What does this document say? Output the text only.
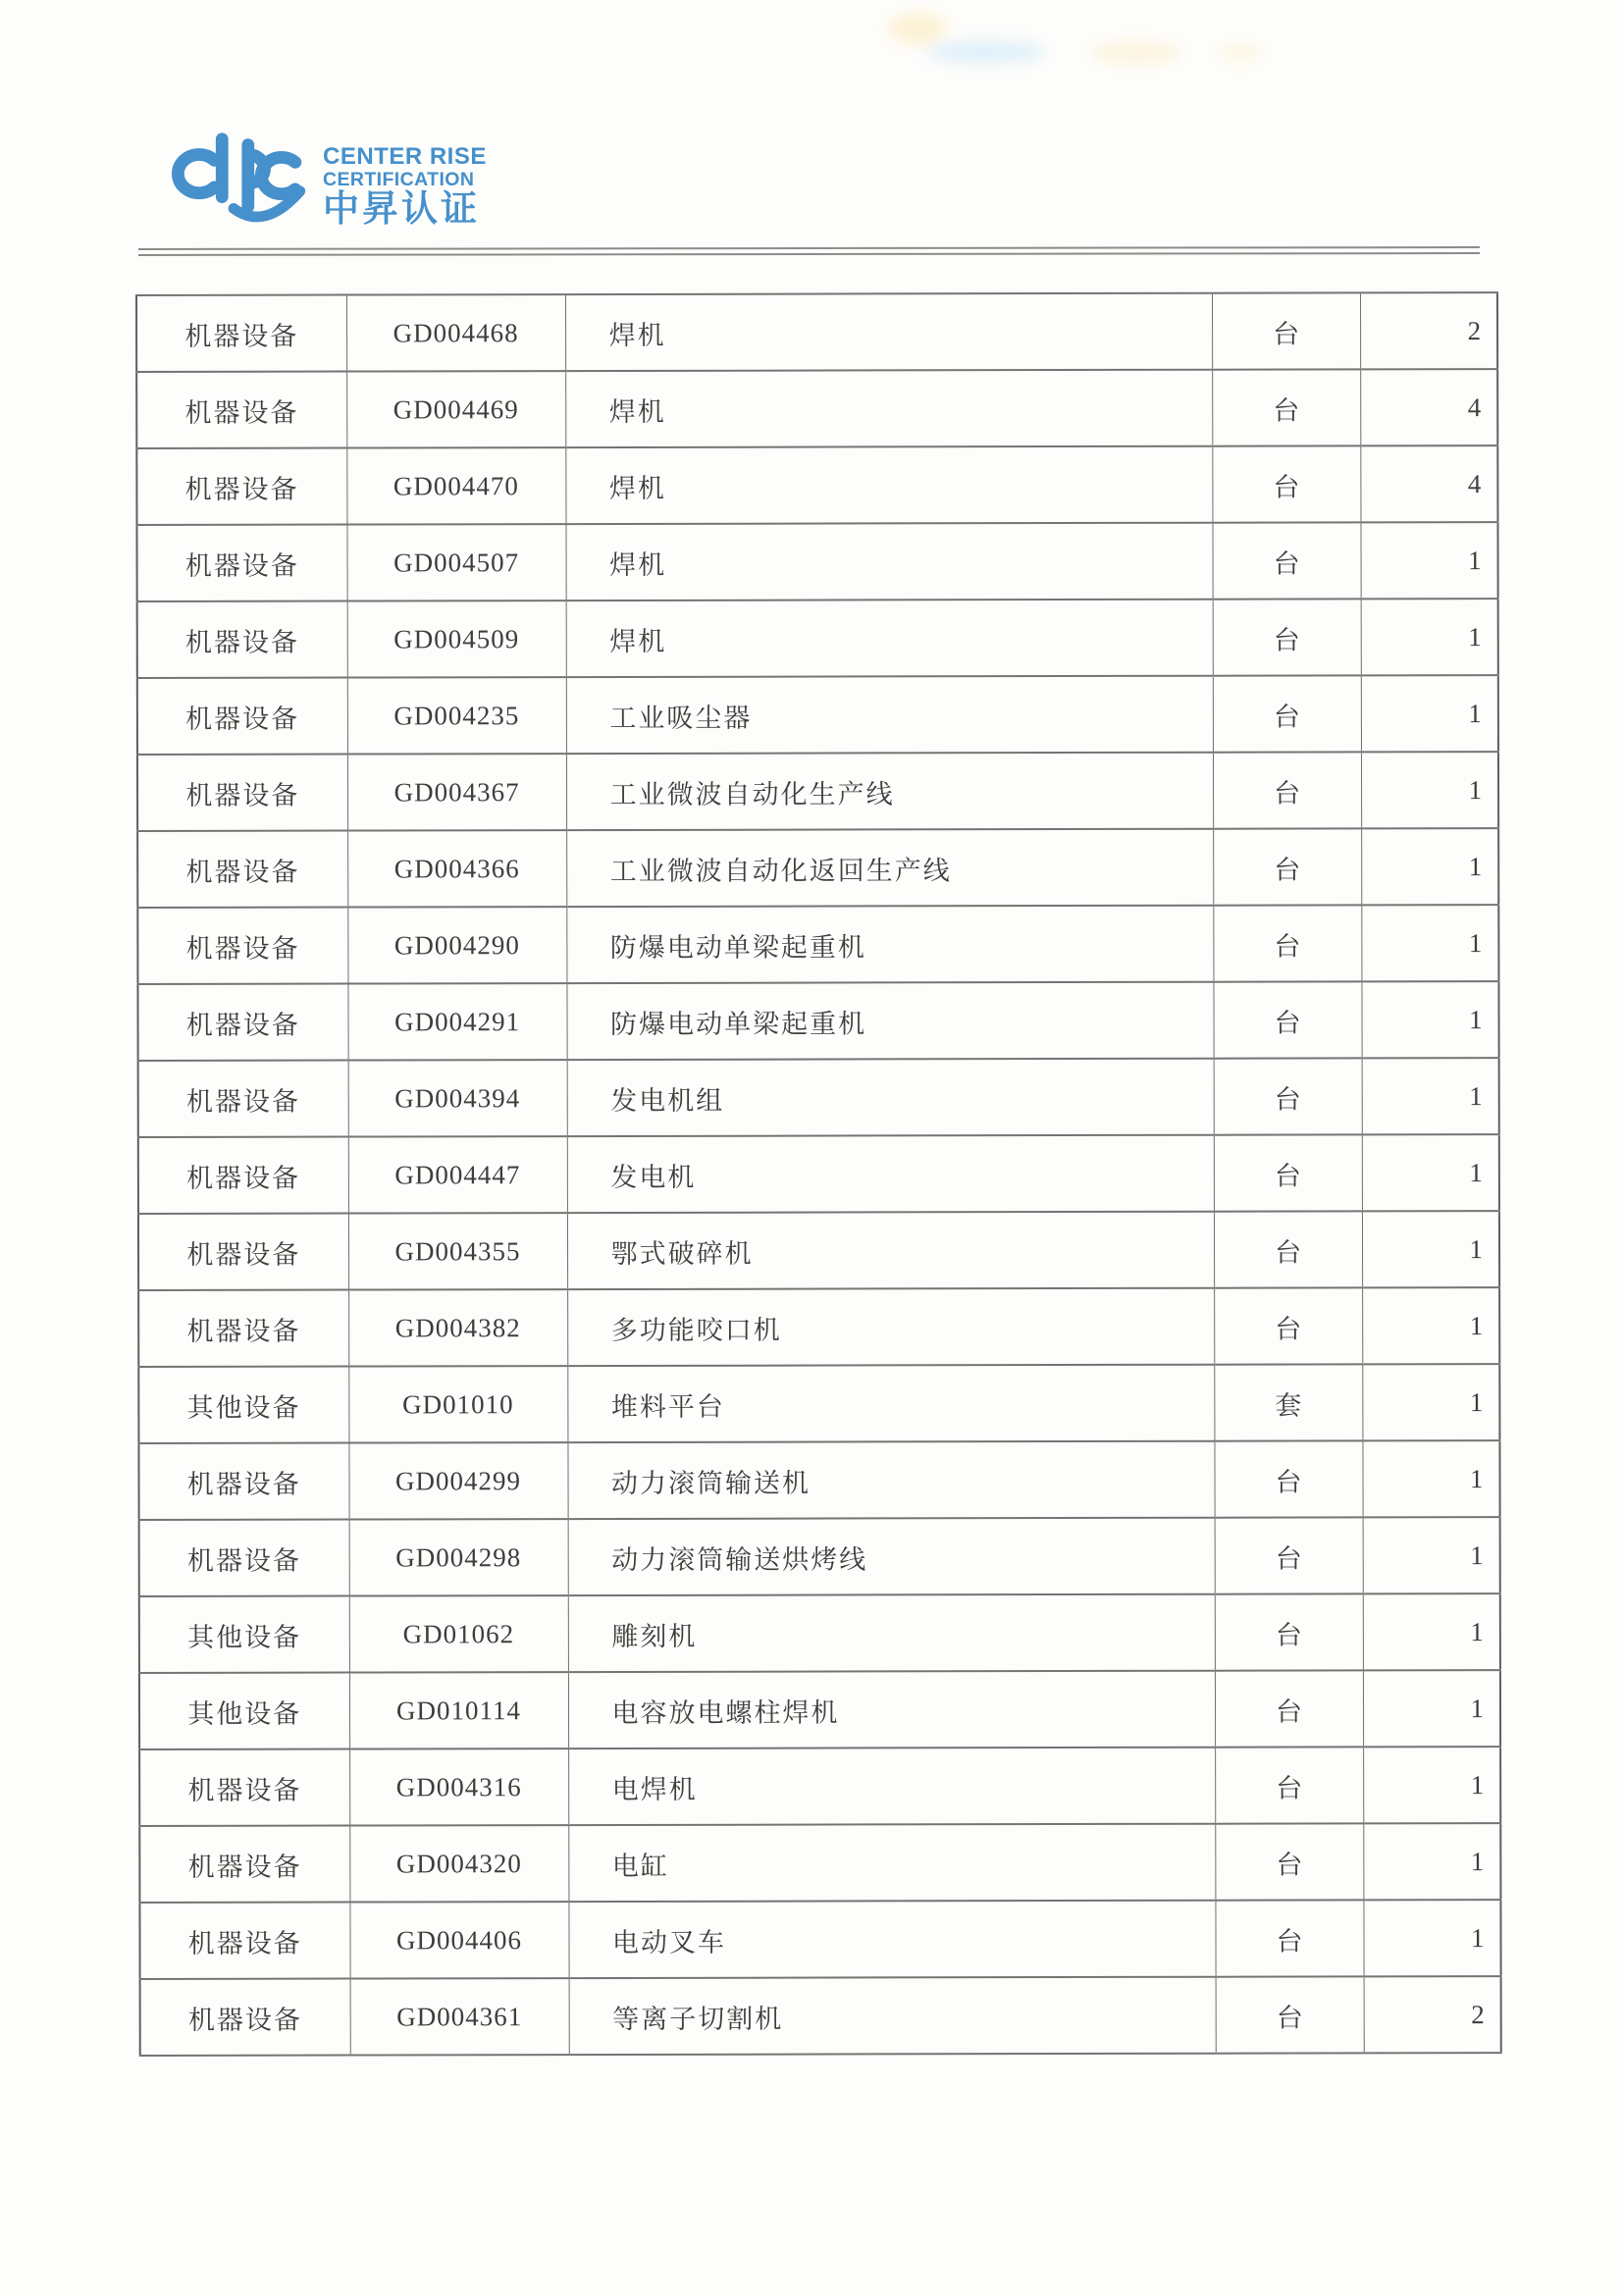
CENTER RISE
CERTIFICATION
中昇认证
机器设备	GD004468	焊机	台	2
机器设备	GD004469	焊机	台	4
机器设备	GD004470	焊机	台	4
机器设备	GD004507	焊机	台	1
机器设备	GD004509	焊机	台	1
机器设备	GD004235	工业吸尘器	台	1
机器设备	GD004367	工业微波自动化生产线	台	1
机器设备	GD004366	工业微波自动化返回生产线	台	1
机器设备	GD004290	防爆电动单梁起重机	台	1
机器设备	GD004291	防爆电动单梁起重机	台	1
机器设备	GD004394	发电机组	台	1
机器设备	GD004447	发电机	台	1
机器设备	GD004355	鄂式破碎机	台	1
机器设备	GD004382	多功能咬口机	台	1
其他设备	GD01010	堆料平台	套	1
机器设备	GD004299	动力滚筒输送机	台	1
机器设备	GD004298	动力滚筒输送烘烤线	台	1
其他设备	GD01062	雕刻机	台	1
其他设备	GD010114	电容放电螺柱焊机	台	1
机器设备	GD004316	电焊机	台	1
机器设备	GD004320	电缸	台	1
机器设备	GD004406	电动叉车	台	1
机器设备	GD004361	等离子切割机	台	2
